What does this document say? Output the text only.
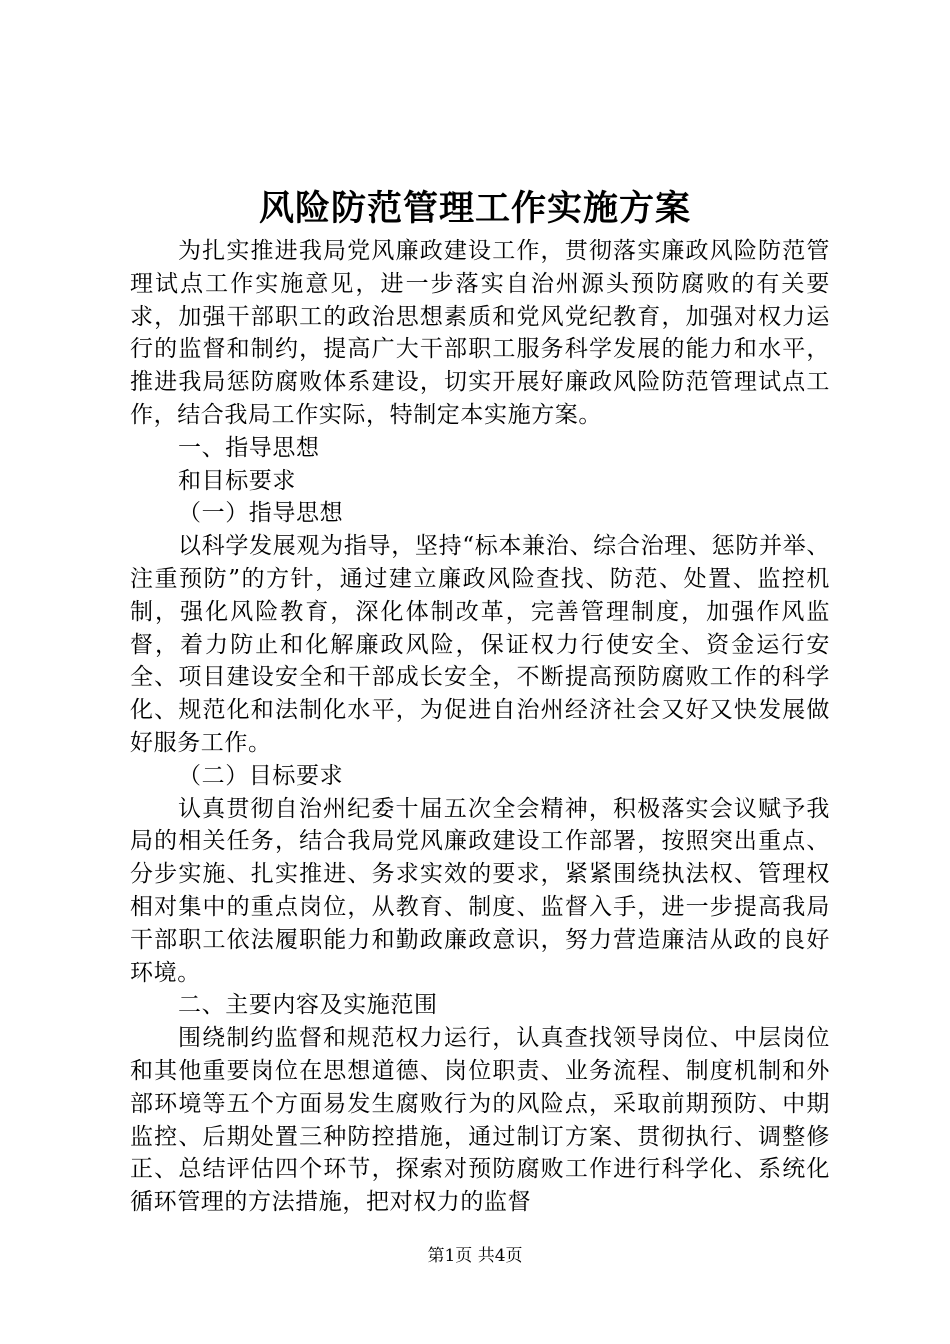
风险防范管理工作实施方案

为扎实推进我局党风廉政建设工作，贯彻落实廉政风险防范管理试点工作实施意见，进一步落实自治州源头预防腐败的有关要求，加强干部职工的政治思想素质和党风党纪教育，加强对权力运行的监督和制约，提高广大干部职工服务科学发展的能力和水平，推进我局惩防腐败体系建设，切实开展好廉政风险防范管理试点工作，结合我局工作实际，特制定本实施方案。

一、指导思想

和目标要求

（一）指导思想

以科学发展观为指导，坚持“标本兼治、综合治理、惩防并举、注重预防”的方针，通过建立廉政风险查找、防范、处置、监控机制，强化风险教育，深化体制改革，完善管理制度，加强作风监督，着力防止和化解廉政风险，保证权力行使安全、资金运行安全、项目建设安全和干部成长安全，不断提高预防腐败工作的科学化、规范化和法制化水平，为促进自治州经济社会又好又快发展做好服务工作。

（二）目标要求

认真贯彻自治州纪委十届五次全会精神，积极落实会议赋予我局的相关任务，结合我局党风廉政建设工作部署，按照突出重点、分步实施、扎实推进、务求实效的要求，紧紧围绕执法权、管理权相对集中的重点岗位，从教育、制度、监督入手，进一步提高我局干部职工依法履职能力和勤政廉政意识，努力营造廉洁从政的良好环境。

二、主要内容及实施范围

围绕制约监督和规范权力运行，认真查找领导岗位、中层岗位和其他重要岗位在思想道德、岗位职责、业务流程、制度机制和外部环境等五个方面易发生腐败行为的风险点，采取前期预防、中期监控、后期处置三种防控措施，通过制订方案、贯彻执行、调整修正、总结评估四个环节，探索对预防腐败工作进行科学化、系统化循环管理的方法措施，把对权力的监督

第1页 共4页
